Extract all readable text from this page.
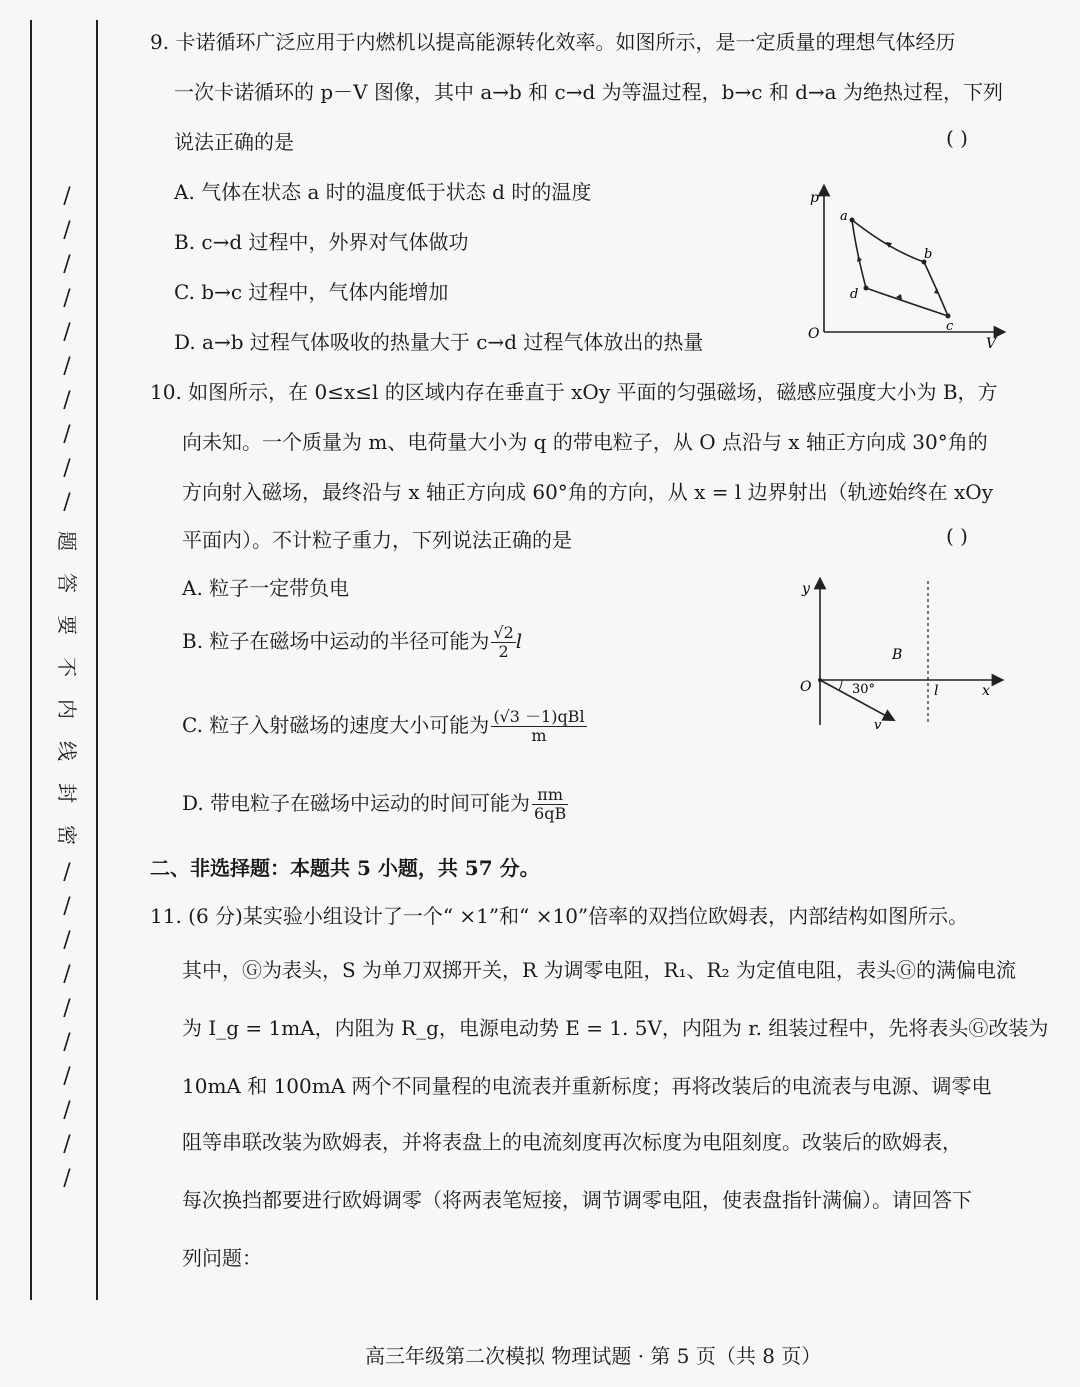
/
/
/
/
/
/
/
/
/
/
题
答
要
不
内
线
封
密
/
/
/
/
/
/
/
/
/
/
9. 卡诺循环广泛应用于内燃机以提高能源转化效率。如图所示，是一定质量的理想气体经历
一次卡诺循环的 p－V 图像，其中 a→b 和 c→d 为等温过程，b→c 和 d→a 为绝热过程，下列
说法正确的是	( )
A. 气体在状态 a 时的温度低于状态 d 时的温度
B. c→d 过程中，外界对气体做功
C. b→c 过程中，气体内能增加
D. a→b 过程气体吸收的热量大于 c→d 过程气体放出的热量
p
V
O
a
b
c
d
10. 如图所示，在 0≤x≤l 的区域内存在垂直于 xOy 平面的匀强磁场，磁感应强度大小为 B，方
向未知。一个质量为 m、电荷量大小为 q 的带电粒子，从 O 点沿与 x 轴正方向成 30°角的
方向射入磁场，最终沿与 x 轴正方向成 60°角的方向，从 x = l 边界射出（轨迹始终在 xOy
平面内）。不计粒子重力，下列说法正确的是	( )
A. 粒子一定带负电
B. 粒子在磁场中运动的半径可能为 $\frac{√2}{2}$ l
C. 粒子入射磁场的速度大小可能为 $\frac{\text{(√3 －1)qBl}}{m}$
D. 带电粒子在磁场中运动的时间可能为 $\frac{\pi m}{6qB}$
y
x
O
B
l
30°
v
二、非选择题：本题共 5 小题，共 57 分。
11. (6 分)某实验小组设计了一个“ ×1”和“ ×10”倍率的双挡位欧姆表，内部结构如图所示。
其中，Ⓖ为表头，S 为单刀双掷开关，R 为调零电阻，R₁、R₂ 为定值电阻，表头Ⓖ的满偏电流
为 I_g = 1mA，内阻为 R_g，电源电动势 E = 1. 5V，内阻为 r. 组装过程中，先将表头Ⓖ改装为
10mA 和 100mA 两个不同量程的电流表并重新标度；再将改装后的电流表与电源、调零电
阻等串联改装为欧姆表，并将表盘上的电流刻度再次标度为电阻刻度。改装后的欧姆表，
每次换挡都要进行欧姆调零（将两表笔短接，调节调零电阻，使表盘指针满偏）。请回答下
列问题：
高三年级第二次模拟 物理试题 · 第 5 页（共 8 页）
